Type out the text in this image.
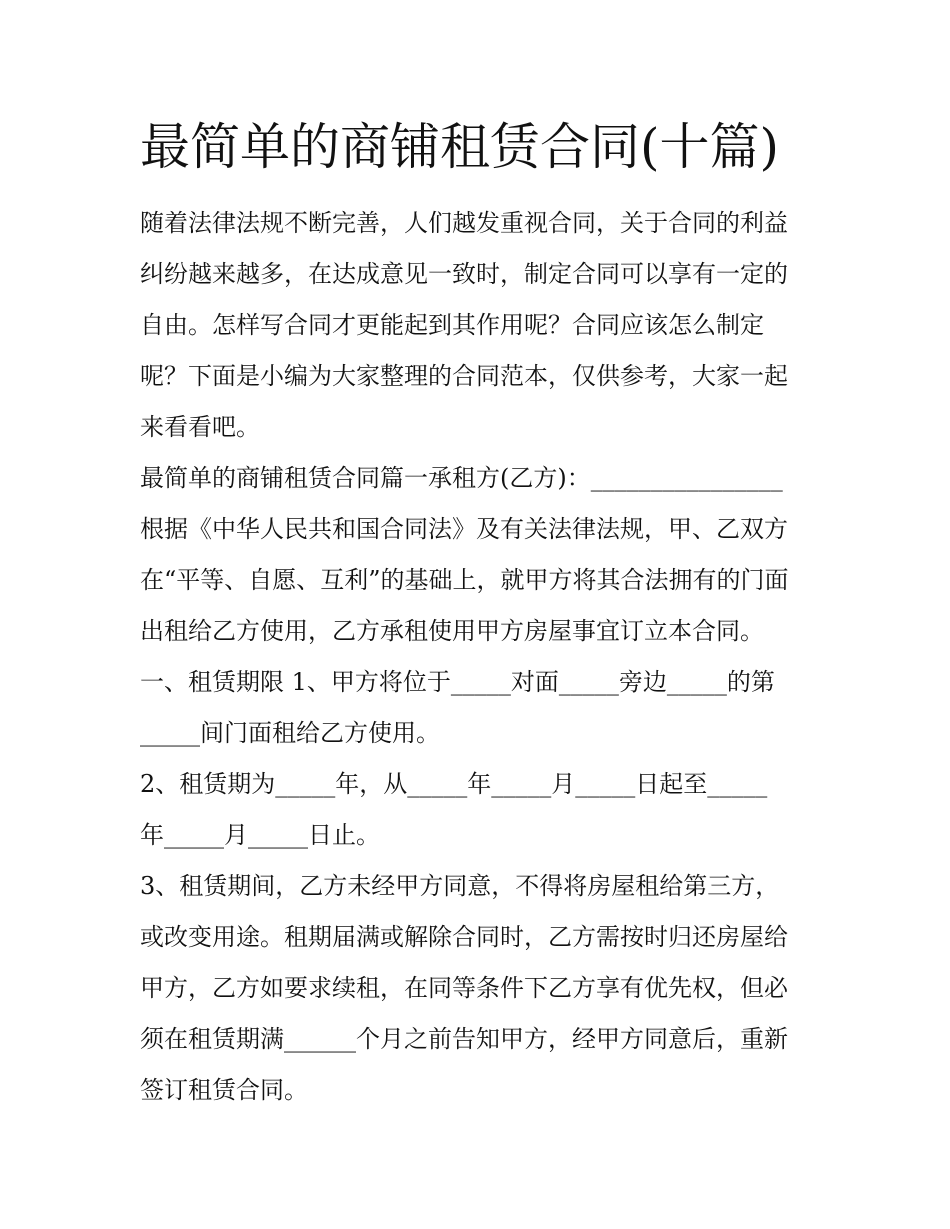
最简单的商铺租赁合同(十篇)
随着法律法规不断完善，人们越发重视合同，关于合同的利益
纠纷越来越多，在达成意见一致时，制定合同可以享有一定的
自由。怎样写合同才更能起到其作用呢？合同应该怎么制定
呢？下面是小编为大家整理的合同范本，仅供参考，大家一起
来看看吧。
最简单的商铺租赁合同篇一承租方(乙方)：________________
根据《中华人民共和国合同法》及有关法律法规，甲、乙双方
在“平等、自愿、互利”的基础上，就甲方将其合法拥有的门面
出租给乙方使用，乙方承租使用甲方房屋事宜订立本合同。
一、租赁期限 1、甲方将位于_____对面_____旁边_____的第
_____间门面租给乙方使用。
2、租赁期为_____年，从_____年_____月_____日起至_____
年_____月_____日止。
3、租赁期间，乙方未经甲方同意，不得将房屋租给第三方，
或改变用途。租期届满或解除合同时，乙方需按时归还房屋给
甲方，乙方如要求续租，在同等条件下乙方享有优先权，但必
须在租赁期满______个月之前告知甲方，经甲方同意后，重新
签订租赁合同。
